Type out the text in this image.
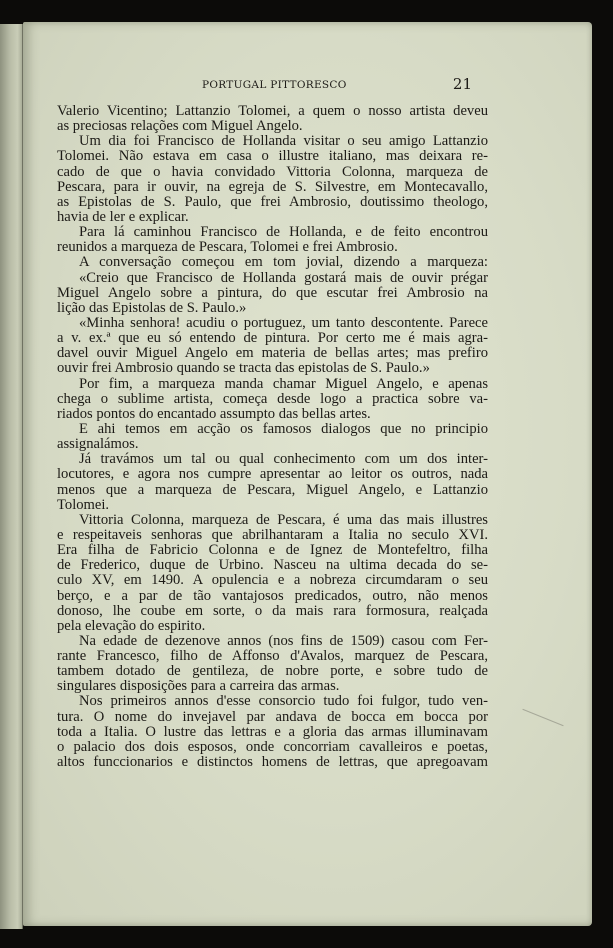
PORTUGAL PITTORESCO	21
Valerio Vicentino; Lattanzio Tolomei, a quem o nosso artista deveu
as preciosas relações com Miguel Angelo.
Um dia foi Francisco de Hollanda visitar o seu amigo Lattanzio
Tolomei. Não estava em casa o illustre italiano, mas deixara re-
cado de que o havia convidado Vittoria Colonna, marqueza de
Pescara, para ir ouvir, na egreja de S. Silvestre, em Montecavallo,
as Epistolas de S. Paulo, que frei Ambrosio, doutissimo theologo,
havia de ler e explicar.
Para lá caminhou Francisco de Hollanda, e de feito encontrou
reunidos a marqueza de Pescara, Tolomei e frei Ambrosio.
A conversação começou em tom jovial, dizendo a marqueza:
«Creio que Francisco de Hollanda gostará mais de ouvir prégar
Miguel Angelo sobre a pintura, do que escutar frei Ambrosio na
lição das Epistolas de S. Paulo.»
«Minha senhora! acudiu o portuguez, um tanto descontente. Parece
a v. ex.ª que eu só entendo de pintura. Por certo me é mais agra-
davel ouvir Miguel Angelo em materia de bellas artes; mas prefiro
ouvir frei Ambrosio quando se tracta das epistolas de S. Paulo.»
Por fim, a marqueza manda chamar Miguel Angelo, e apenas
chega o sublime artista, começa desde logo a practica sobre va-
riados pontos do encantado assumpto das bellas artes.
E ahi temos em acção os famosos dialogos que no principio
assignalámos.
Já travámos um tal ou qual conhecimento com um dos inter-
locutores, e agora nos cumpre apresentar ao leitor os outros, nada
menos que a marqueza de Pescara, Miguel Angelo, e Lattanzio
Tolomei.
Vittoria Colonna, marqueza de Pescara, é uma das mais illustres
e respeitaveis senhoras que abrilhantaram a Italia no seculo XVI.
Era filha de Fabricio Colonna e de Ignez de Montefeltro, filha
de Frederico, duque de Urbino. Nasceu na ultima decada do se-
culo XV, em 1490. A opulencia e a nobreza circumdaram o seu
berço, e a par de tão vantajosos predicados, outro, não menos
donoso, lhe coube em sorte, o da mais rara formosura, realçada
pela elevação do espirito.
Na edade de dezenove annos (nos fins de 1509) casou com Fer-
rante Francesco, filho de Affonso d'Avalos, marquez de Pescara,
tambem dotado de gentileza, de nobre porte, e sobre tudo de
singulares disposições para a carreira das armas.
Nos primeiros annos d'esse consorcio tudo foi fulgor, tudo ven-
tura. O nome do invejavel par andava de bocca em bocca por
toda a Italia. O lustre das lettras e a gloria das armas illuminavam
o palacio dos dois esposos, onde concorriam cavalleiros e poetas,
altos funccionarios e distinctos homens de lettras, que apregoavam
